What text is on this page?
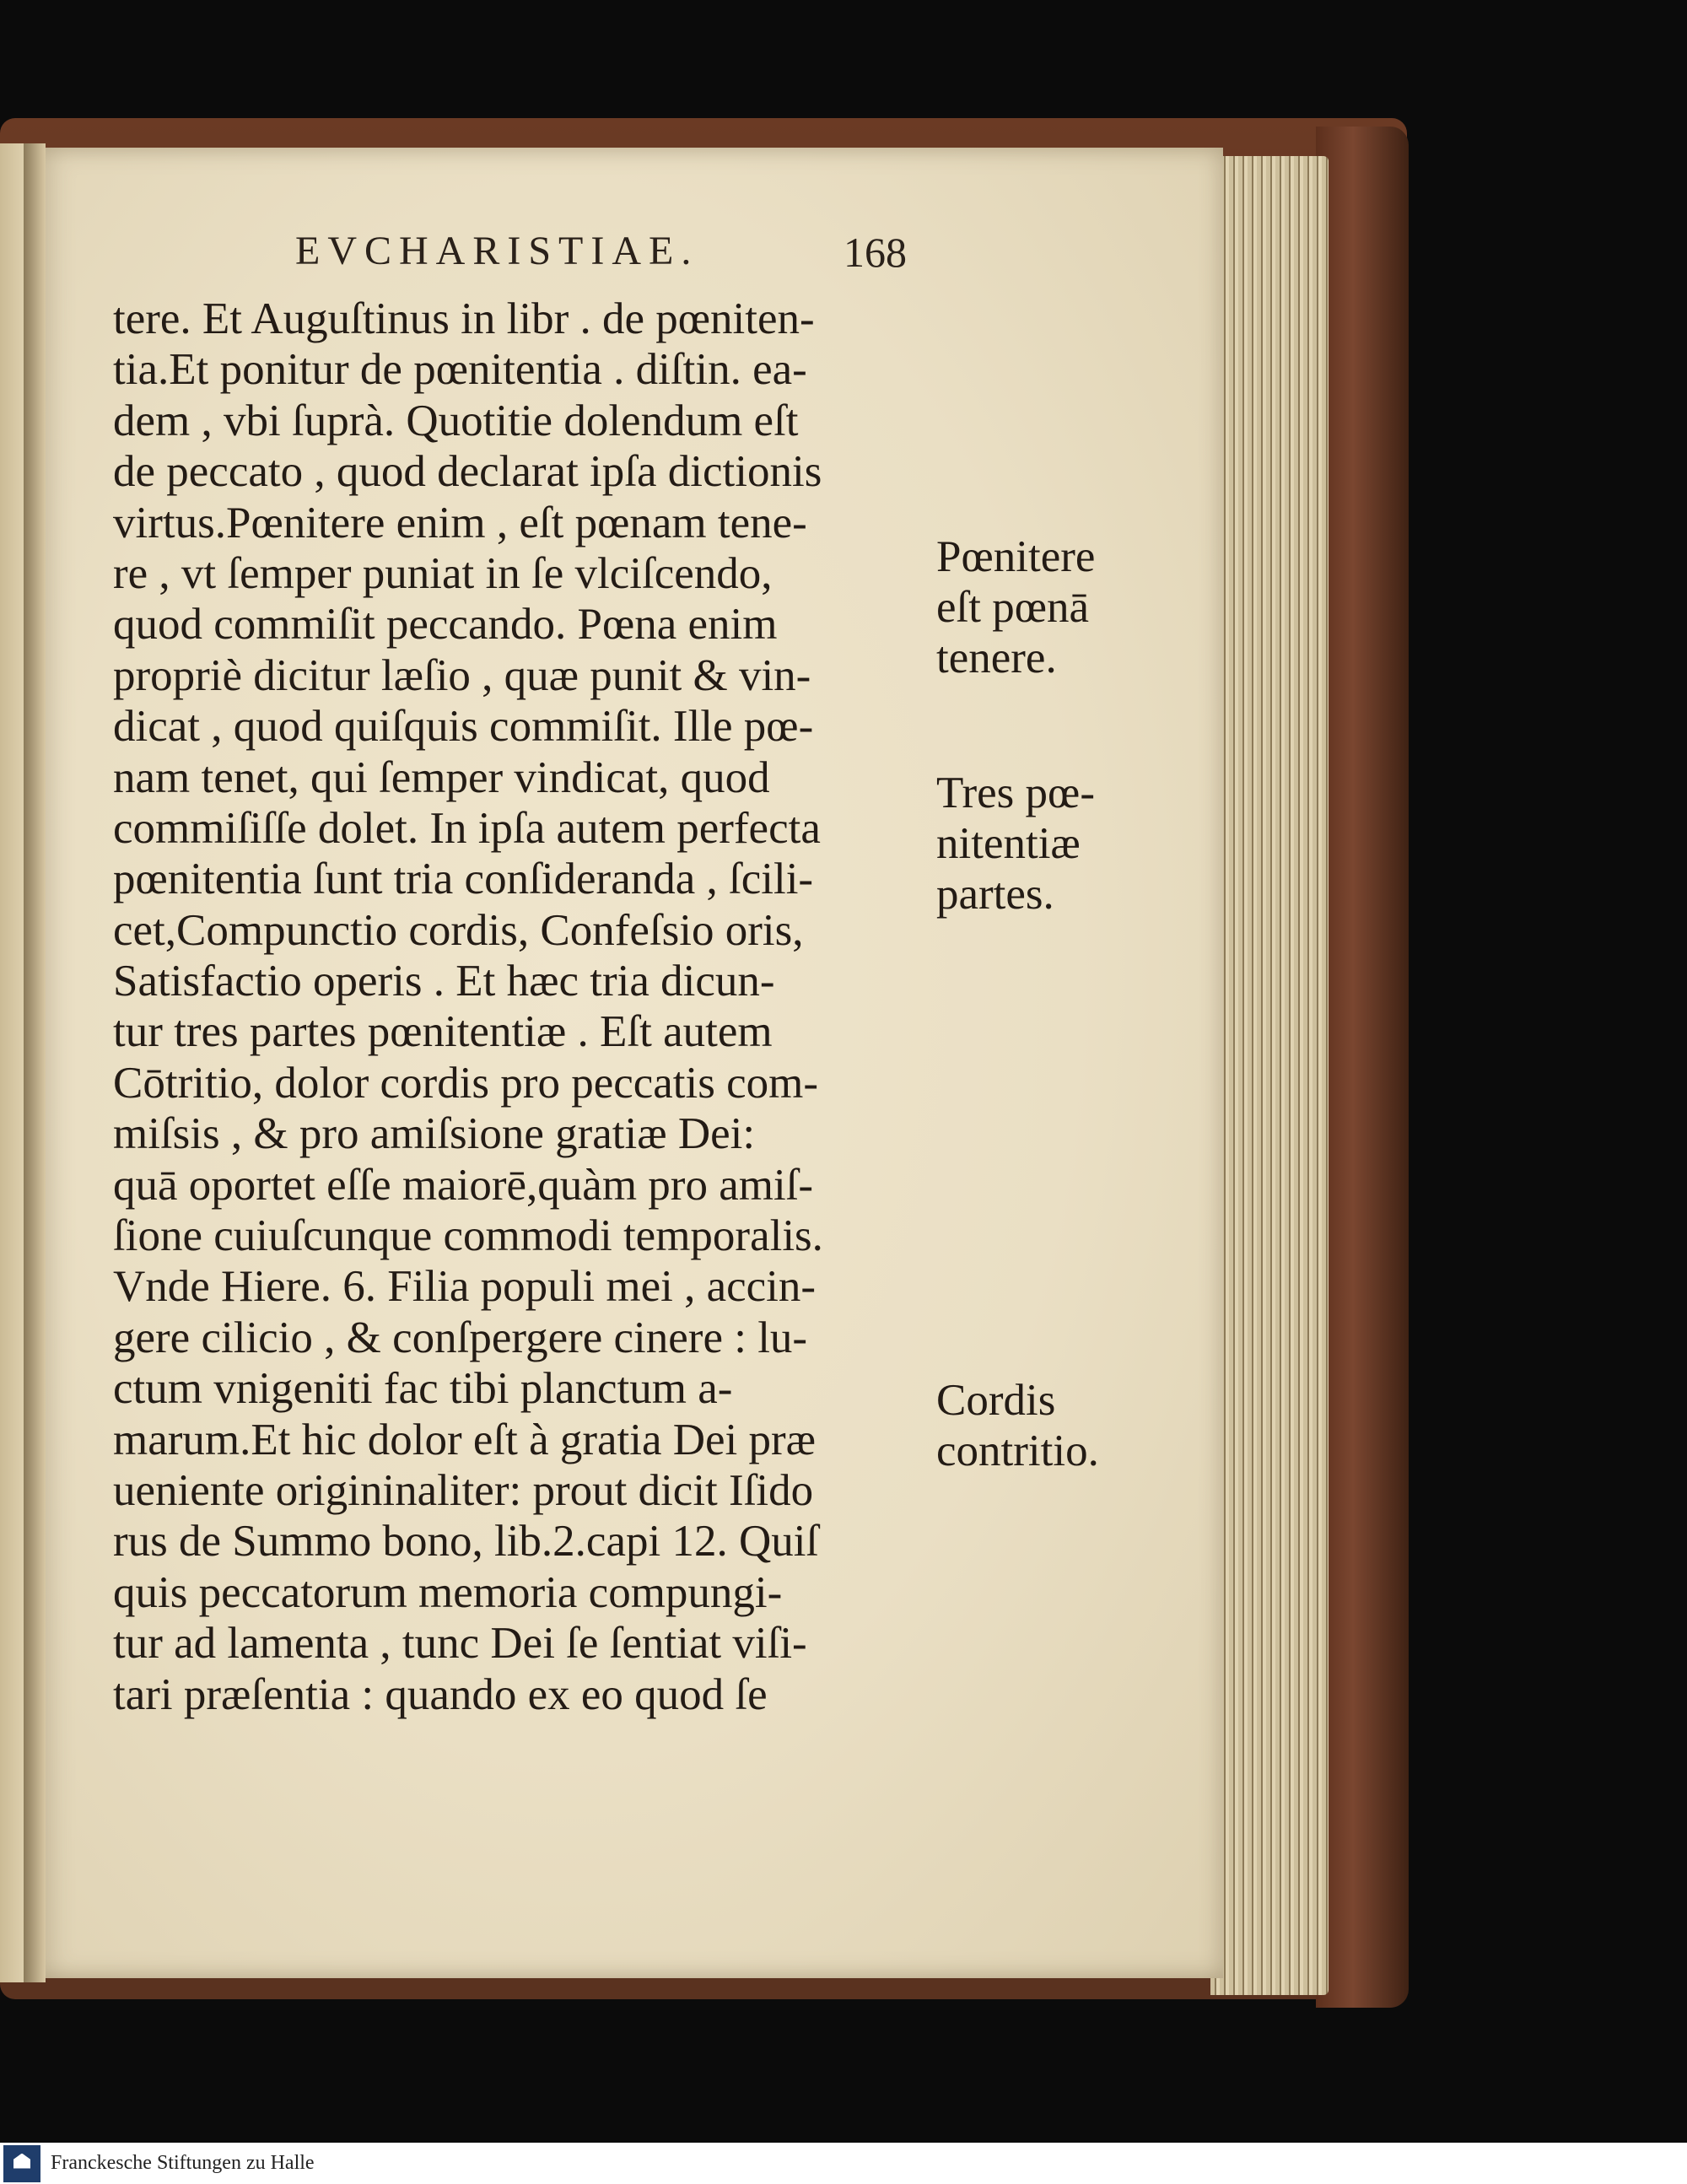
EVCHARISTIAE.	168
tere. Et Auguſtinus in libr . de pœniten-
tia.Et ponitur de pœnitentia . diſtin. ea-
dem , vbi ſuprà. Quotitie dolendum eſt
de peccato , quod declarat ipſa dictionis
virtus.Pœnitere enim , eſt pœnam tene-
re , vt ſemper puniat in ſe vlciſcendo,
quod commiſit peccando. Pœna enim
propriè dicitur læſio , quæ punit & vin-
dicat , quod quiſquis commiſit. Ille pœ-
nam tenet, qui ſemper vindicat, quod
commiſiſſe dolet. In ipſa autem perfecta
pœnitentia ſunt tria conſideranda , ſcili-
cet,Compunctio cordis, Confeſsio oris,
Satisfactio operis . Et hæc tria dicun-
tur tres partes pœnitentiæ . Eſt autem
Cōtritio, dolor cordis pro peccatis com-
miſsis , & pro amiſsione gratiæ Dei:
quā oportet eſſe maiorē,quàm pro amiſ-
ſione cuiuſcunque commodi temporalis.
Vnde Hiere. 6. Filia populi mei , accin-
gere cilicio , & conſpergere cinere : lu-
ctum vnigeniti fac tibi planctum a-
marum.Et hic dolor eſt à gratia Dei præ
ueniente origininaliter: prout dicit Iſido
rus de Summo bono, lib.2.capi 12. Quiſ
quis peccatorum memoria compungi-
tur ad lamenta , tunc Dei ſe ſentiat viſi-
tari præſentia : quando ex eo quod ſe
Pœnitere
eſt pœnā
tenere.
Tres pœ-
nitentiæ
partes.
Cordis
contritio.
Franckesche Stiftungen zu Halle
